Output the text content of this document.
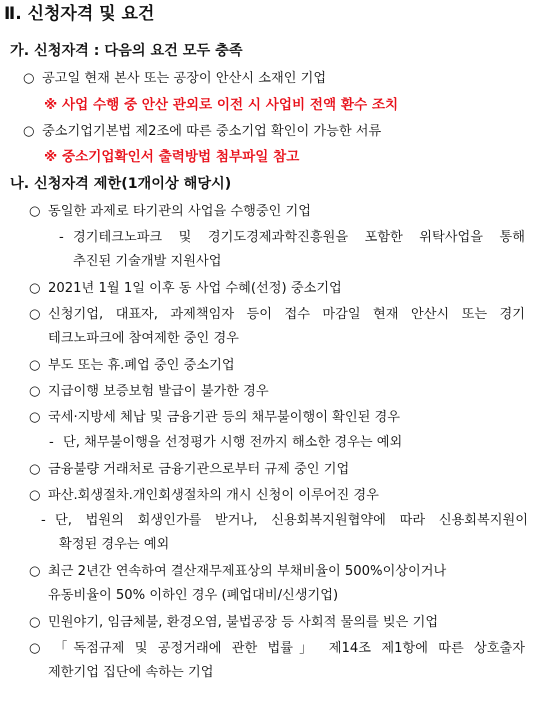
Ⅱ. 신청자격 및 요건
가. 신청자격 : 다음의 요건 모두 충족
○ 공고일 현재 본사 또는 공장이 안산시 소재인 기업
※ 사업 수행 중 안산 관외로 이전 시 사업비 전액 환수 조치
○ 중소기업기본법 제2조에 따른 중소기업 확인이 가능한 서류
※ 중소기업확인서 출력방법 첨부파일 참고
나. 신청자격 제한(1개이상 해당시)
○ 동일한 과제로 타기관의 사업을 수행중인 기업
- 경기테크노파크 및 경기도경제과학진흥원을 포함한 위탁사업을 통해
추진된 기술개발 지원사업
○ 2021년 1월 1일 이후 동 사업 수혜(선정) 중소기업
○ 신청기업, 대표자, 과제책임자 등이 접수 마감일 현재 안산시 또는 경기
테크노파크에 참여제한 중인 경우
○ 부도 또는 휴.폐업 중인 중소기업
○ 지급이행 보증보험 발급이 불가한 경우
○ 국세·지방세 체납 및 금융기관 등의 채무불이행이 확인된 경우
- 단, 채무불이행을 선정평가 시행 전까지 해소한 경우는 예외
○ 금융불량 거래처로 금융기관으로부터 규제 중인 기업
○ 파산.회생절차.개인회생절차의 개시 신청이 이루어진 경우
- 단, 법원의 회생인가를 받거나, 신용회복지원협약에 따라 신용회복지원이
확정된 경우는 예외
○ 최근 2년간 연속하여 결산재무제표상의 부채비율이 500%이상이거나
유동비율이 50% 이하인 경우 (폐업대비/신생기업)
○ 민원야기, 임금체불, 환경오염, 불법공장 등 사회적 물의를 빚은 기업
○ 「독점규제 및 공정거래에 관한 법률」 제14조 제1항에 따른 상호출자
제한기업 집단에 속하는 기업
